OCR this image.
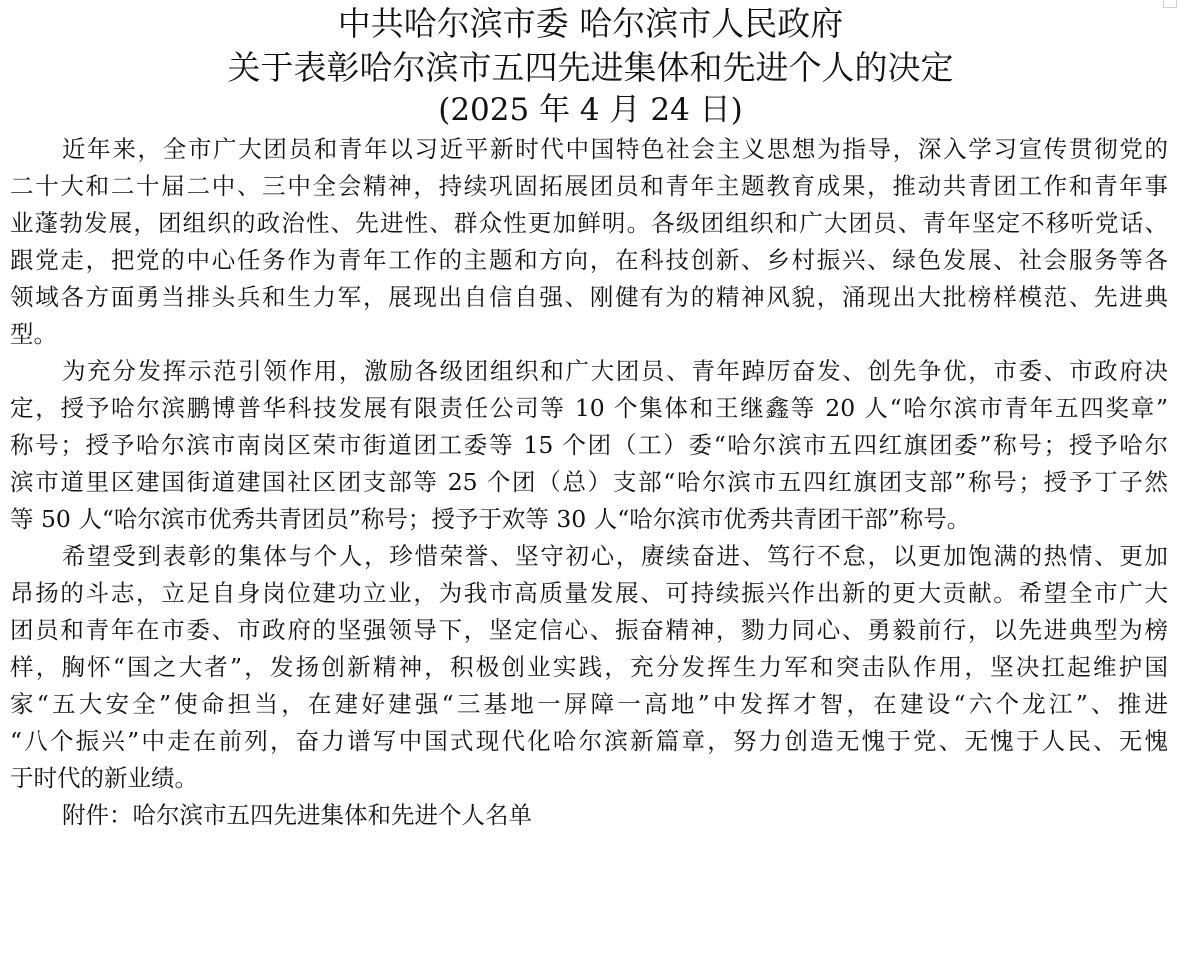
中共哈尔滨市委 哈尔滨市人民政府
关于表彰哈尔滨市五四先进集体和先进个人的决定
(2025 年 4 月 24 日)
近年来，全市广大团员和青年以习近平新时代中国特色社会主义思想为指导，深入学习宣传贯彻党的
二十大和二十届二中、三中全会精神，持续巩固拓展团员和青年主题教育成果，推动共青团工作和青年事
业蓬勃发展，团组织的政治性、先进性、群众性更加鲜明。各级团组织和广大团员、青年坚定不移听党话、
跟党走，把党的中心任务作为青年工作的主题和方向，在科技创新、乡村振兴、绿色发展、社会服务等各
领域各方面勇当排头兵和生力军，展现出自信自强、刚健有为的精神风貌，涌现出大批榜样模范、先进典
型。
为充分发挥示范引领作用，激励各级团组织和广大团员、青年踔厉奋发、创先争优，市委、市政府决
定，授予哈尔滨鹏博普华科技发展有限责任公司等 10 个集体和王继鑫等 20 人“哈尔滨市青年五四奖章”
称号；授予哈尔滨市南岗区荣市街道团工委等 15 个团（工）委“哈尔滨市五四红旗团委”称号；授予哈尔
滨市道里区建国街道建国社区团支部等 25 个团（总）支部“哈尔滨市五四红旗团支部”称号；授予丁子然
等 50 人“哈尔滨市优秀共青团员”称号；授予于欢等 30 人“哈尔滨市优秀共青团干部”称号。
希望受到表彰的集体与个人，珍惜荣誉、坚守初心，赓续奋进、笃行不怠，以更加饱满的热情、更加
昂扬的斗志，立足自身岗位建功立业，为我市高质量发展、可持续振兴作出新的更大贡献。希望全市广大
团员和青年在市委、市政府的坚强领导下，坚定信心、振奋精神，勠力同心、勇毅前行，以先进典型为榜
样，胸怀“国之大者”，发扬创新精神，积极创业实践，充分发挥生力军和突击队作用，坚决扛起维护国
家“五大安全”使命担当，在建好建强“三基地一屏障一高地”中发挥才智，在建设“六个龙江”、推进
“八个振兴”中走在前列，奋力谱写中国式现代化哈尔滨新篇章，努力创造无愧于党、无愧于人民、无愧
于时代的新业绩。
附件：哈尔滨市五四先进集体和先进个人名单
